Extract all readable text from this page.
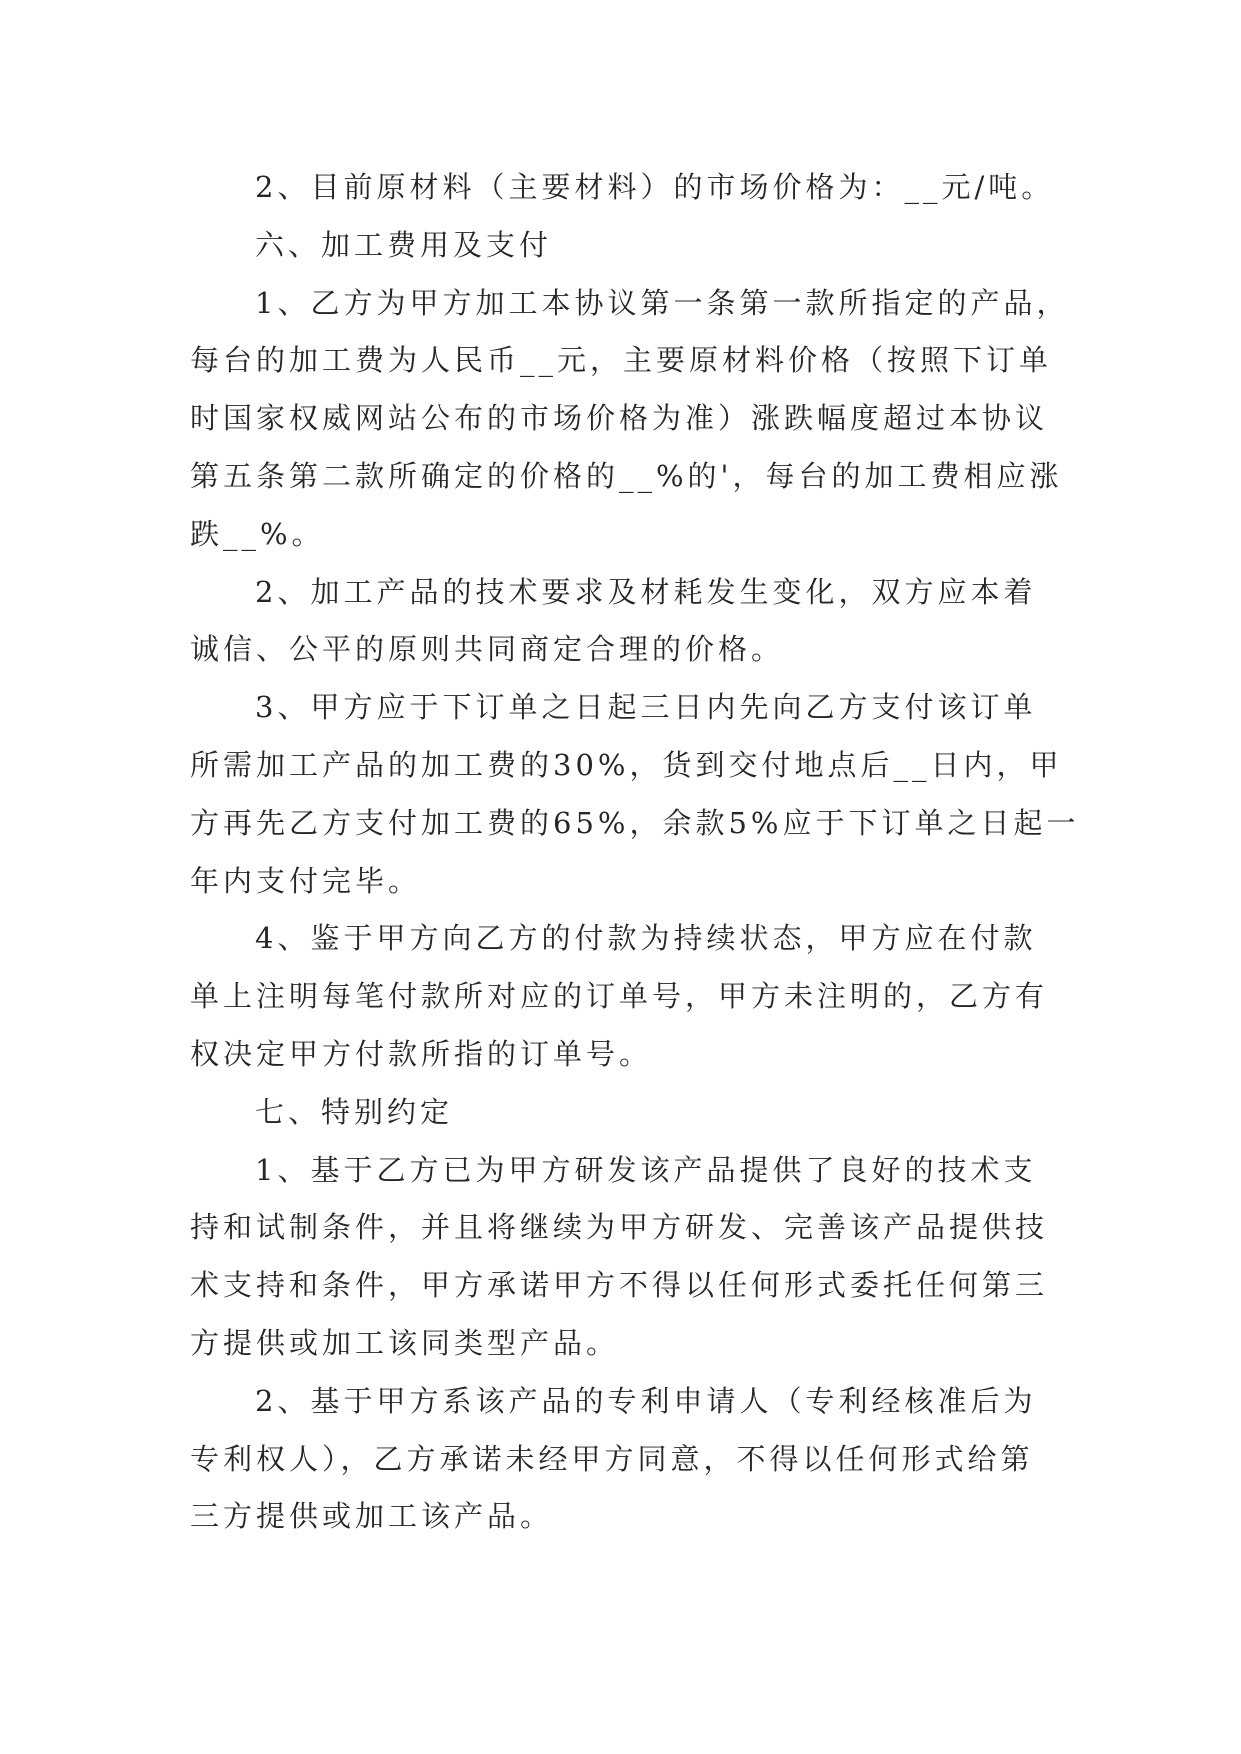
2、目前原材料（主要材料）的市场价格为：__元/吨。
六、加工费用及支付
1、乙方为甲方加工本协议第一条第一款所指定的产品，
每台的加工费为人民币__元，主要原材料价格（按照下订单
时国家权威网站公布的市场价格为准）涨跌幅度超过本协议
第五条第二款所确定的价格的__%的'，每台的加工费相应涨
跌__%。
2、加工产品的技术要求及材耗发生变化，双方应本着
诚信、公平的原则共同商定合理的价格。
3、甲方应于下订单之日起三日内先向乙方支付该订单
所需加工产品的加工费的30%，货到交付地点后__日内，甲
方再先乙方支付加工费的65%，余款5%应于下订单之日起一
年内支付完毕。
4、鉴于甲方向乙方的付款为持续状态，甲方应在付款
单上注明每笔付款所对应的订单号，甲方未注明的，乙方有
权决定甲方付款所指的订单号。
七、特别约定
1、基于乙方已为甲方研发该产品提供了良好的技术支
持和试制条件，并且将继续为甲方研发、完善该产品提供技
术支持和条件，甲方承诺甲方不得以任何形式委托任何第三
方提供或加工该同类型产品。
2、基于甲方系该产品的专利申请人（专利经核准后为
专利权人），乙方承诺未经甲方同意，不得以任何形式给第
三方提供或加工该产品。
